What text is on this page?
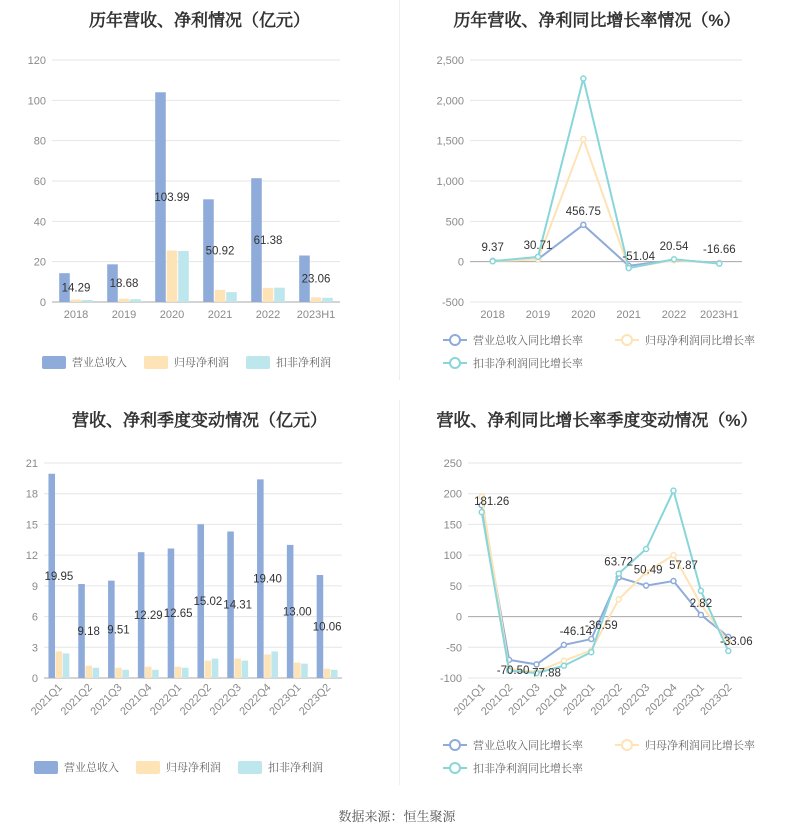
历年营收、净利情况（亿元）
0
20
40
60
80
100
120
2018 2019 2020 2021 2022 2023H1
14.29 18.68
103.99
50.92
61.38
23.06
营业总收入	归母净利润	扣非净利润
历年营收、净利同比增长率情况（%）
-500
0
500
1,000
1,500
2,000
2,500
2018 2019 2020 2021 2022 2023H1
9.37 30.71
456.75
-51.04
20.54 -16.66
营业总收入同比增长率	归母净利润同比增长率
扣非净利润同比增长率
营收、净利季度变动情况（亿元）
0
3
6
9
12
15
18
21
2021Q1
2021Q2
2021Q3
2021Q4
2022Q1
2022Q2
2022Q3
2022Q4
2023Q1
2023Q2
19.95
9.18 9.51
12.29 12.65
15.02 14.31
19.40
13.00
10.06
营业总收入	归母净利润	扣非净利润
营收、净利同比增长率季度变动情况（%）
-100
-50
0
50
100
150
200
250
2021Q1
2021Q2
2021Q3
2021Q4
2022Q1
2022Q2
2022Q3
2022Q4
2023Q1
2023Q2
181.26
-70.50 77.88
-46.14
-36.59
63.72
50.49 57.87
2.82
-33.06
营业总收入同比增长率	归母净利润同比增长率
扣非净利润同比增长率
数据来源：恒生聚源
